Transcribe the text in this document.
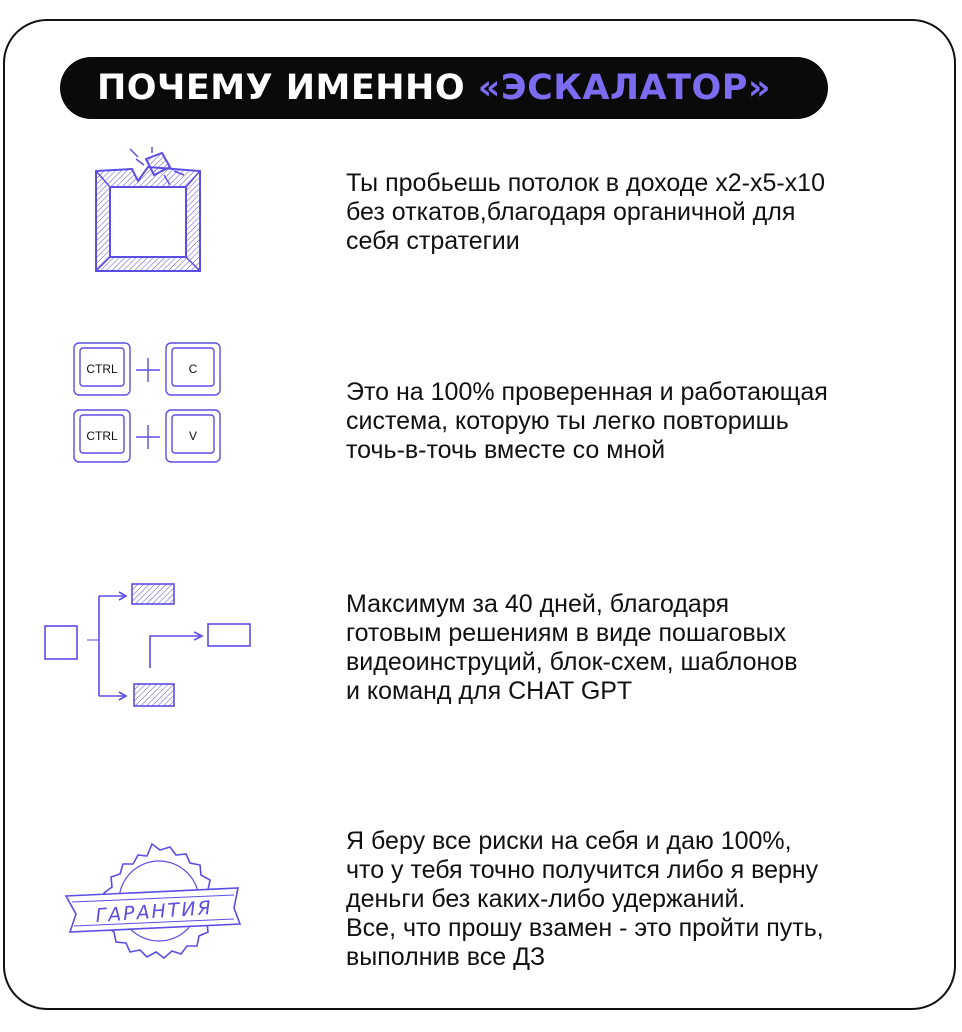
ПОЧЕМУ ИМЕННО «ЭСКАЛАТОР»
Ты пробьешь потолок в доходе х2-х5-х10
без откатов,благодаря органичной для
себя стратегии
CTRL	C
CTRL	V
Это на 100% проверенная и работающая
система, которую ты легко повторишь
точь-в-точь вместе со мной
Максимум за 40 дней, благодаря
готовым решениям в виде пошаговых
видеоинструций, блок-схем, шаблонов
и команд для CHAT GPT
ГАРАНТИЯ
Я беру все риски на себя и даю 100%,
что у тебя точно получится либо я верну
деньги без каких-либо удержаний.
Все, что прошу взамен - это пройти путь,
выполнив все ДЗ
